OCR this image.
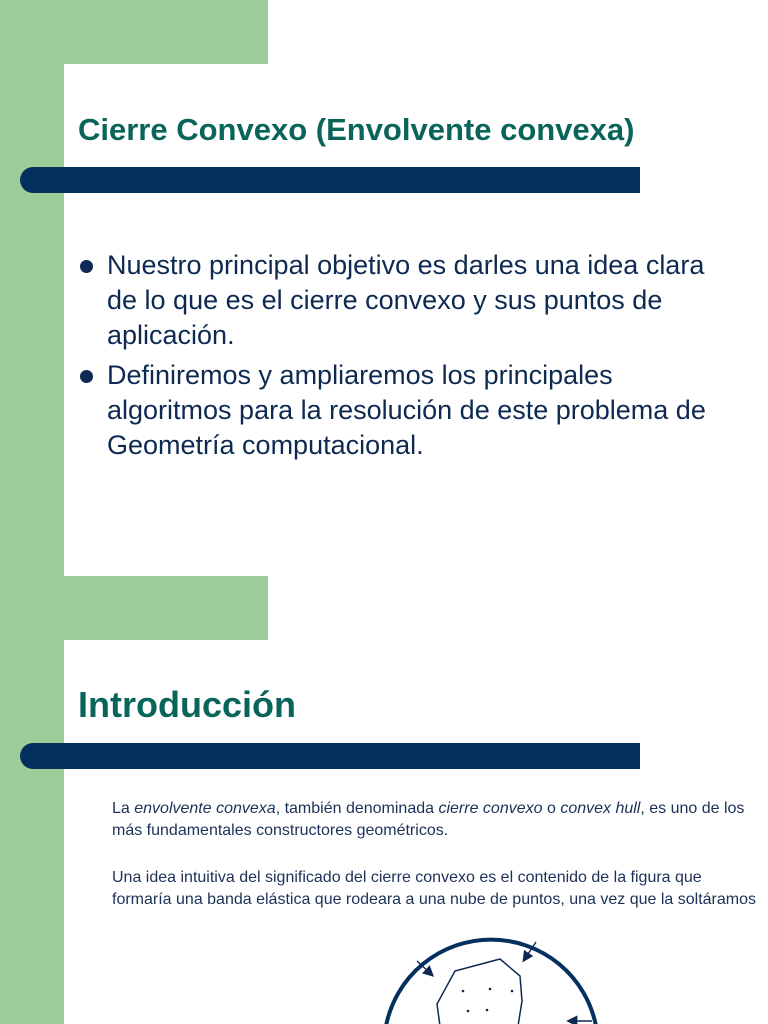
Cierre Convexo (Envolvente convexa)
Nuestro principal objetivo es darles una idea clara de lo que es el cierre convexo y sus puntos de aplicación.
Definiremos y ampliaremos los principales algoritmos para la resolución de este problema de Geometría computacional.
Introducción

La envolvente convexa, también denominada cierre convexo o convex hull, es uno de los más fundamentales constructores geométricos.

Una idea intuitiva del significado del cierre convexo es el contenido de la figura que formaría una banda elástica que rodeara a una nube de puntos, una vez que la soltáramos
